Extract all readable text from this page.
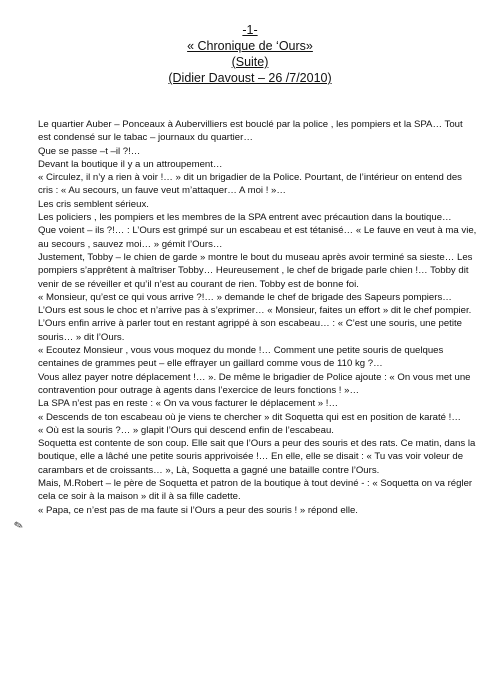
-1-
« Chronique de ‘Ours»
(Suite)
(Didier Davoust – 26 /7/2010)
✎

Le quartier Auber – Ponceaux à Aubervilliers est bouclé par la police , les pompiers et la SPA… Tout est condensé sur le tabac – journaux du quartier…

Que se passe –t –il ?!…

Devant la boutique il y a un attroupement…

« Circulez, il n’y a rien à voir !… » dit un brigadier de la Police. Pourtant, de l’intérieur on entend des cris : « Au secours, un fauve veut m’attaquer… A moi ! »…

Les cris semblent sérieux.

Les policiers , les pompiers et les membres de la SPA entrent avec précaution dans la boutique…

Que voient – ils ?!… : L’Ours est grimpé sur un escabeau et est tétanisé… « Le fauve en veut à ma vie, au secours , sauvez moi… » gémit l’Ours…

Justement, Tobby – le chien de garde » montre le bout du museau après avoir terminé sa sieste… Les pompiers s’apprêtent à maîtriser Tobby… Heureusement , le chef de brigade parle chien !… Tobby dit venir de se réveiller et qu’il n’est au courant de rien. Tobby est de bonne foi.

« Monsieur, qu’est ce qui vous arrive ?!… » demande le chef de brigade des Sapeurs pompiers…

L’Ours est sous le choc et n’arrive pas à s’exprimer… « Monsieur, faites un effort » dit le chef pompier.

L’Ours enfin arrive à parler tout en restant agrippé à son escabeau… : « C’est une souris, une petite souris… » dit l’Ours.

« Ecoutez Monsieur , vous vous moquez du monde !… Comment une petite souris de quelques centaines de grammes peut – elle effrayer un gaillard comme vous de 110 kg ?…

Vous allez payer notre déplacement !… ». De même le brigadier de Police ajoute : « On vous met une contravention pour outrage à agents dans l’exercice de leurs fonctions ! »…

La SPA n’est pas en reste : « On va vous facturer le déplacement » !…

« Descends de ton escabeau où je viens te chercher » dit Soquetta qui est en position de karaté !…

« Où est la souris ?… » glapit l’Ours qui descend enfin de l’escabeau.

Soquetta est contente de son coup. Elle sait que l’Ours a peur des souris et des rats. Ce matin, dans la boutique, elle a lâché une petite souris apprivoisée !… En elle, elle se disait : « Tu vas voir voleur de carambars et de croissants… », Là, Soquetta a gagné une bataille contre l’Ours.

Mais, M.Robert – le père de Soquetta et patron de la boutique à tout deviné - : « Soquetta on va régler cela ce soir à la maison » dit il à sa fille cadette.

« Papa, ce n’est pas de ma faute si l’Ours a peur des souris ! » répond elle.
